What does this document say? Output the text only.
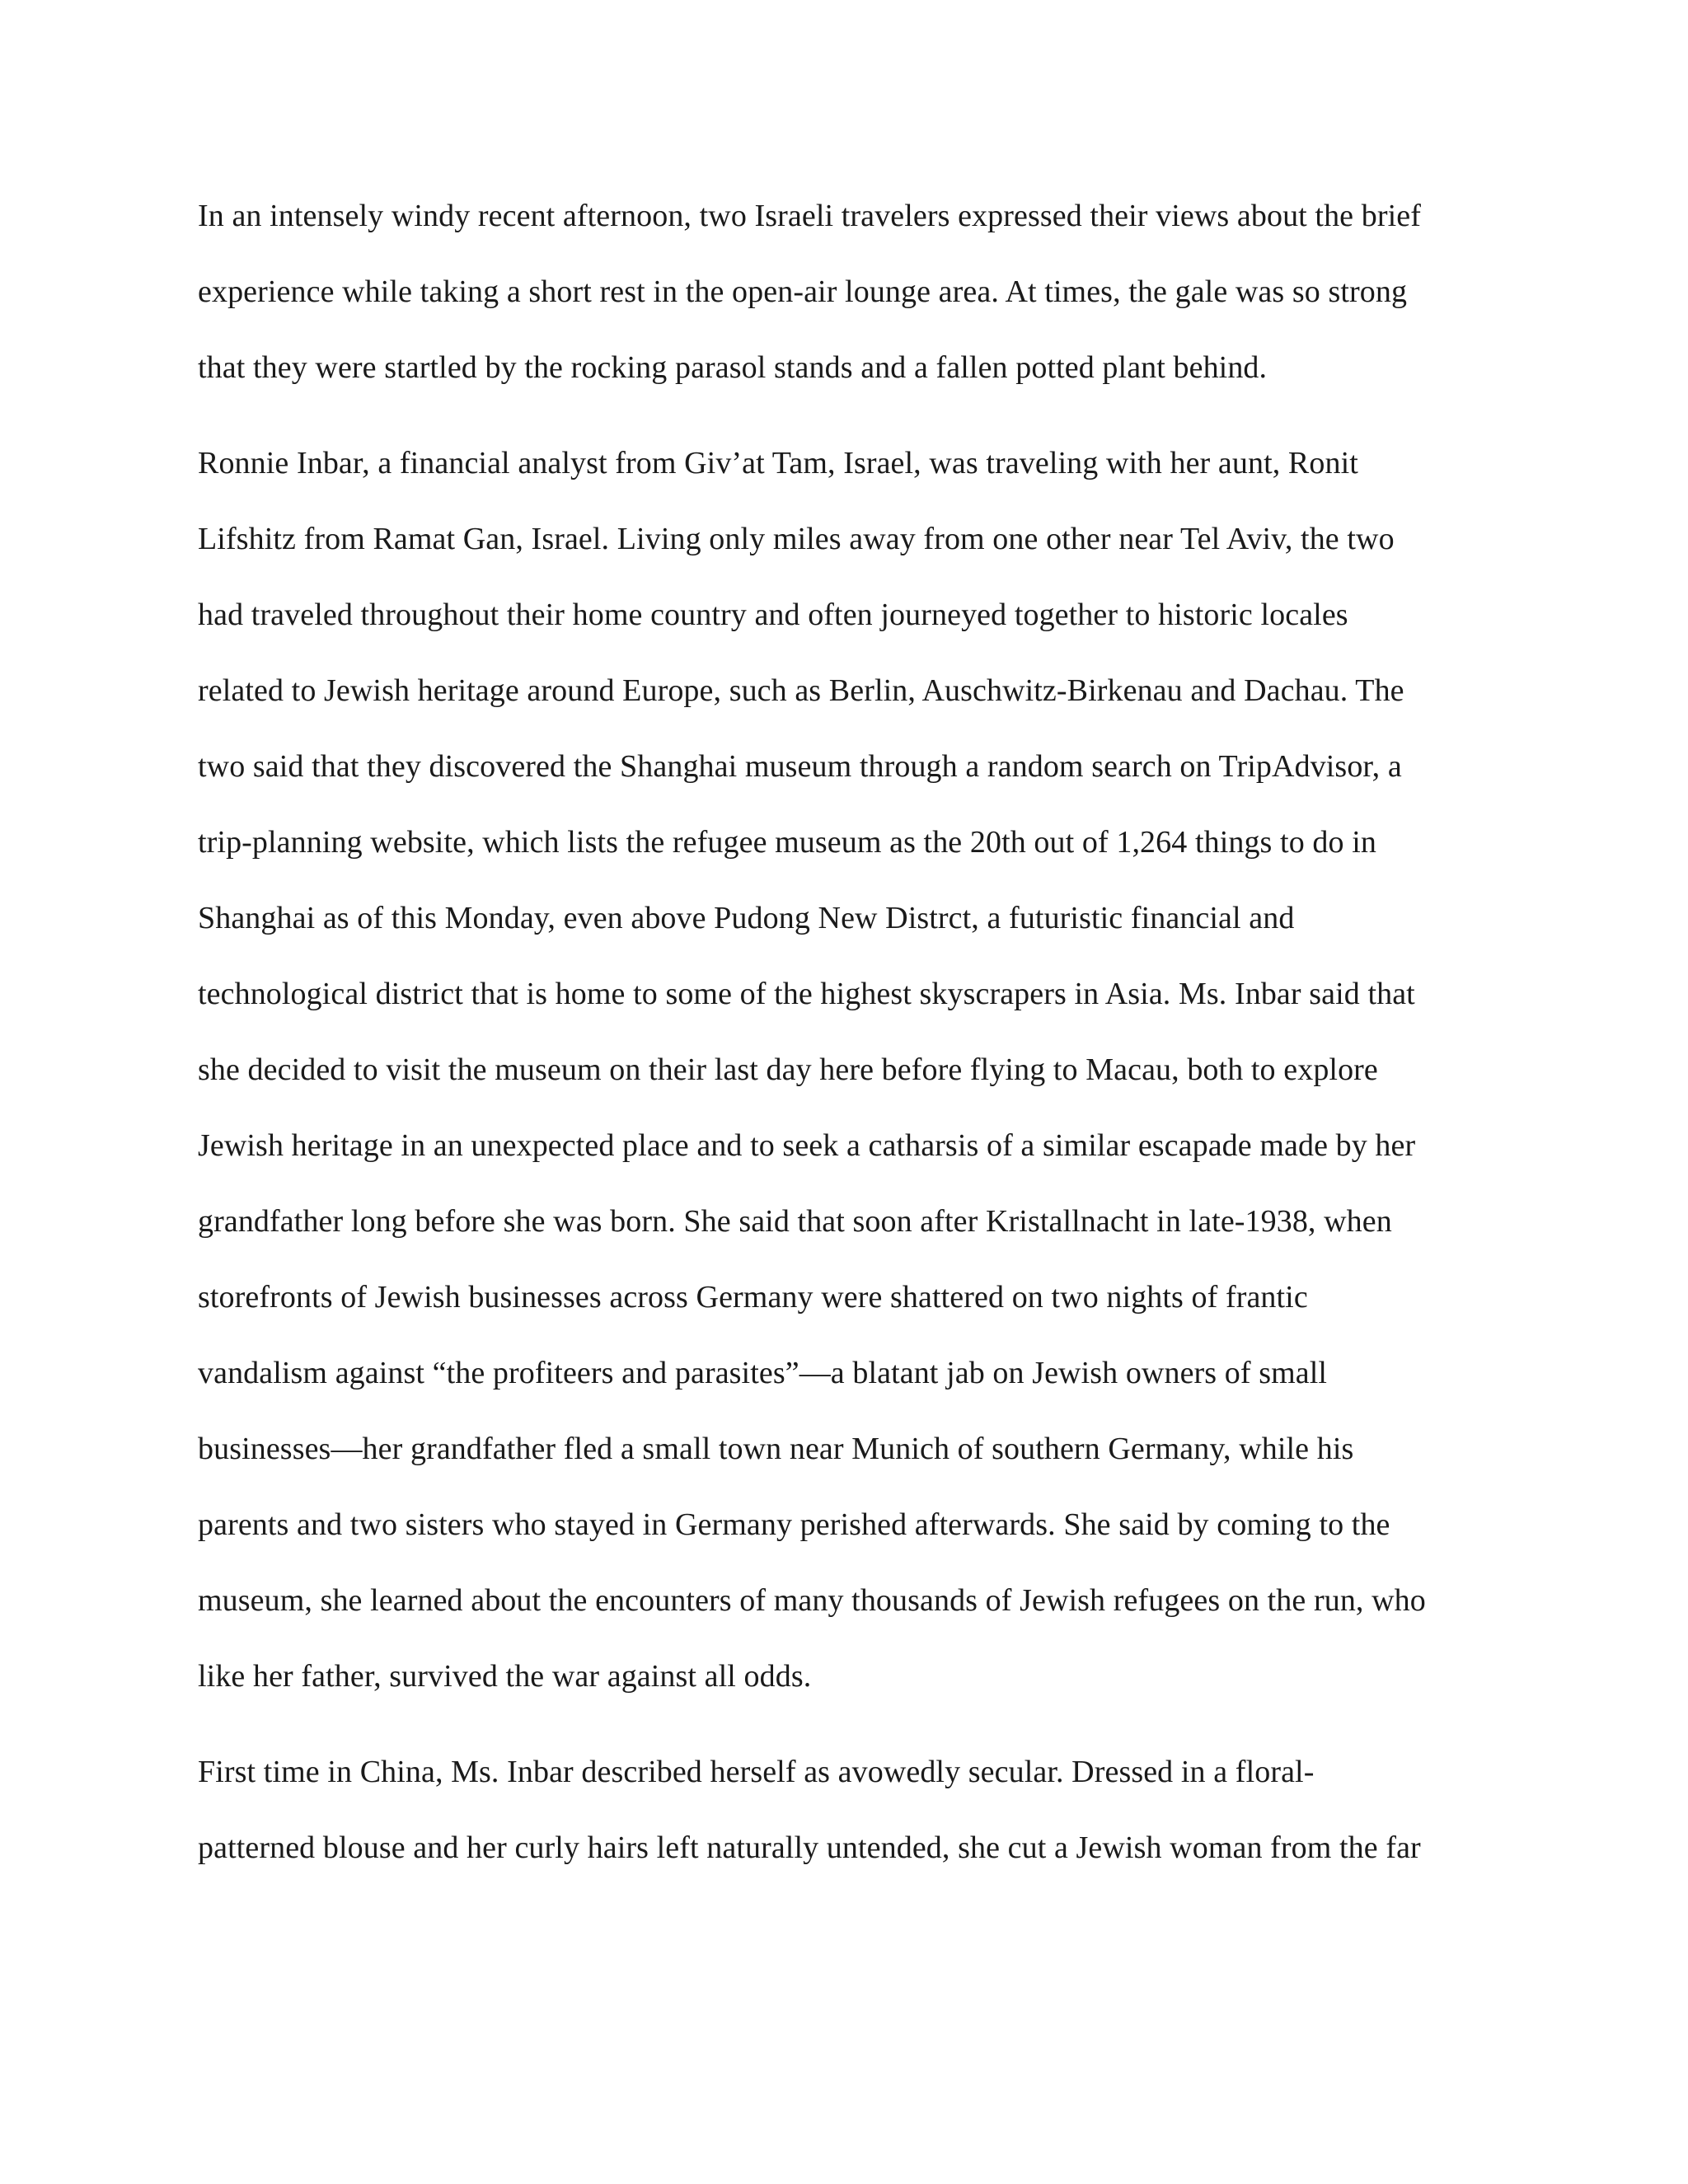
In an intensely windy recent afternoon, two Israeli travelers expressed their views about the brief
experience while taking a short rest in the open-air lounge area. At times, the gale was so strong
that they were startled by the rocking parasol stands and a fallen potted plant behind.
Ronnie Inbar, a financial analyst from Giv’at Tam, Israel, was traveling with her aunt, Ronit
Lifshitz from Ramat Gan, Israel. Living only miles away from one other near Tel Aviv, the two
had traveled throughout their home country and often journeyed together to historic locales
related to Jewish heritage around Europe, such as Berlin, Auschwitz-Birkenau and Dachau. The
two said that they discovered the Shanghai museum through a random search on TripAdvisor, a
trip-planning website, which lists the refugee museum as the 20th out of 1,264 things to do in
Shanghai as of this Monday, even above Pudong New Distrct, a futuristic financial and
technological district that is home to some of the highest skyscrapers in Asia. Ms. Inbar said that
she decided to visit the museum on their last day here before flying to Macau, both to explore
Jewish heritage in an unexpected place and to seek a catharsis of a similar escapade made by her
grandfather long before she was born. She said that soon after Kristallnacht in late-1938, when
storefronts of Jewish businesses across Germany were shattered on two nights of frantic
vandalism against “the profiteers and parasites”—a blatant jab on Jewish owners of small
businesses—her grandfather fled a small town near Munich of southern Germany, while his
parents and two sisters who stayed in Germany perished afterwards. She said by coming to the
museum, she learned about the encounters of many thousands of Jewish refugees on the run, who
like her father, survived the war against all odds.
First time in China, Ms. Inbar described herself as avowedly secular. Dressed in a floral-
patterned blouse and her curly hairs left naturally untended, she cut a Jewish woman from the far
